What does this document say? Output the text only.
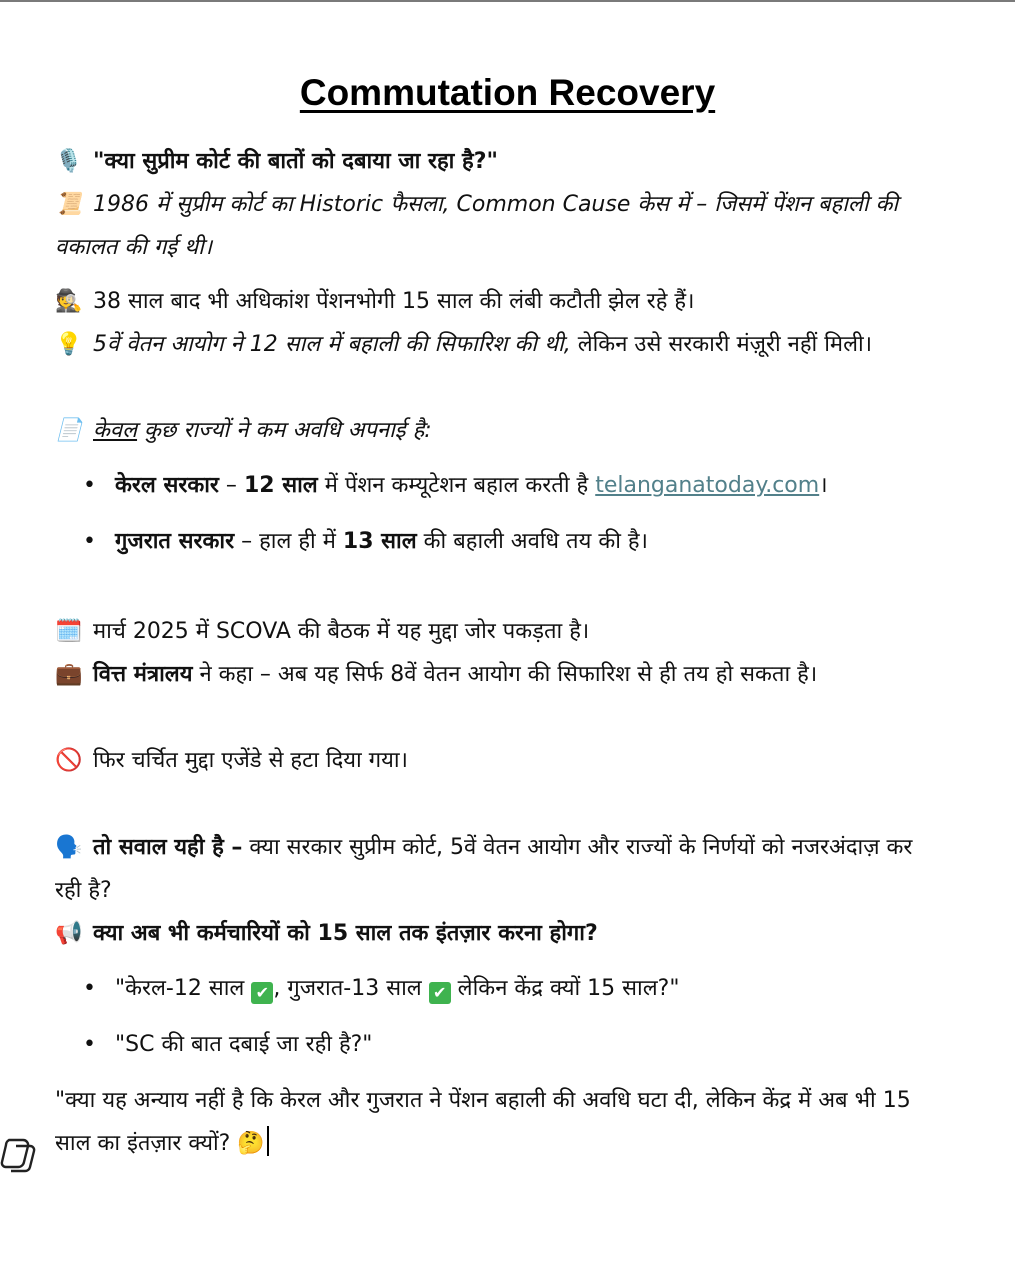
Commutation Recovery
🎙️ "क्या सुप्रीम कोर्ट की बातों को दबाया जा रहा है?"
📜 1986 में सुप्रीम कोर्ट का Historic फैसला, Common Cause केस में – जिसमें पेंशन बहाली की वकालत की गई थी।
🕵️ 38 साल बाद भी अधिकांश पेंशनभोगी 15 साल की लंबी कटौती झेल रहे हैं।
💡 5वें वेतन आयोग ने 12 साल में बहाली की सिफारिश की थी, लेकिन उसे सरकारी मंज़ूरी नहीं मिली।
📄 केवल कुछ राज्यों ने कम अवधि अपनाई है:
• केरल सरकार – 12 साल में पेंशन कम्यूटेशन बहाल करती है telanganatoday.com।
• गुजरात सरकार – हाल ही में 13 साल की बहाली अवधि तय की है।
🗓️ मार्च 2025 में SCOVA की बैठक में यह मुद्दा जोर पकड़ता है।
💼 वित्त मंत्रालय ने कहा – अब यह सिर्फ 8वें वेतन आयोग की सिफारिश से ही तय हो सकता है।
🚫 फिर चर्चित मुद्दा एजेंडे से हटा दिया गया।
🗣️ तो सवाल यही है – क्या सरकार सुप्रीम कोर्ट, 5वें वेतन आयोग और राज्यों के निर्णयों को नजरअंदाज़ कर रही है?
📢 क्या अब भी कर्मचारियों को 15 साल तक इंतज़ार करना होगा?
• "केरल-12 साल ✔ , गुजरात-13 साल ✔ लेकिन केंद्र क्यों 15 साल?"
• "SC की बात दबाई जा रही है?"
"क्या यह अन्याय नहीं है कि केरल और गुजरात ने पेंशन बहाली की अवधि घटा दी, लेकिन केंद्र में अब भी 15 साल का इंतज़ार क्यों? 🤔
